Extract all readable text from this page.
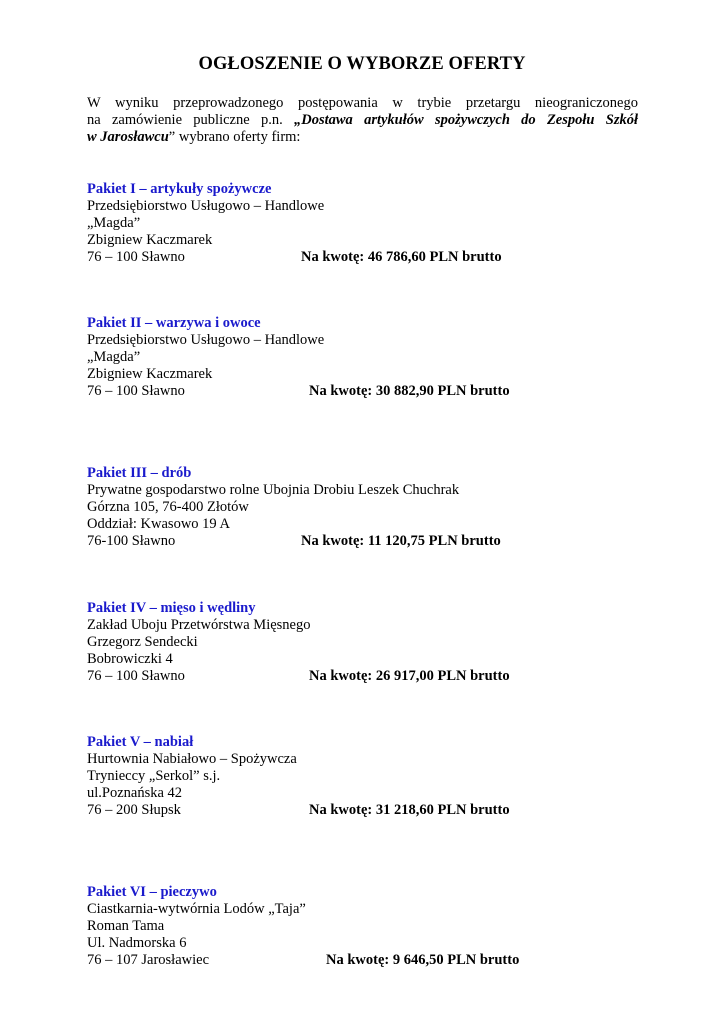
OGŁOSZENIE O WYBORZE OFERTY
W wyniku przeprowadzonego postępowania w trybie przetargu nieograniczonego
na zamówienie publiczne p.n. „Dostawa artykułów spożywczych do Zespołu Szkół
w Jarosławcu” wybrano oferty firm:
Pakiet I – artykuły spożywcze
Przedsiębiorstwo Usługowo – Handlowe
„Magda”
Zbigniew Kaczmarek
76 – 100 Sławno	Na kwotę: 46 786,60 PLN brutto
Pakiet II – warzywa i owoce
Przedsiębiorstwo Usługowo – Handlowe
„Magda”
Zbigniew Kaczmarek
76 – 100 Sławno	Na kwotę: 30 882,90 PLN brutto
Pakiet III – drób
Prywatne gospodarstwo rolne Ubojnia Drobiu Leszek Chuchrak
Górzna 105, 76-400 Złotów
Oddział: Kwasowo 19 A
76-100 Sławno	Na kwotę: 11 120,75 PLN brutto
Pakiet IV – mięso i wędliny
Zakład Uboju Przetwórstwa Mięsnego
Grzegorz Sendecki
Bobrowiczki 4
76 – 100 Sławno	Na kwotę: 26 917,00 PLN brutto
Pakiet V – nabiał
Hurtownia Nabiałowo – Spożywcza
Trynieccy „Serkol” s.j.
ul.Poznańska 42
76 – 200 Słupsk	Na kwotę: 31 218,60 PLN brutto
Pakiet VI – pieczywo
Ciastkarnia-wytwórnia Lodów „Taja”
Roman Tama
Ul. Nadmorska 6
76 – 107 Jarosławiec	Na kwotę: 9 646,50 PLN brutto
